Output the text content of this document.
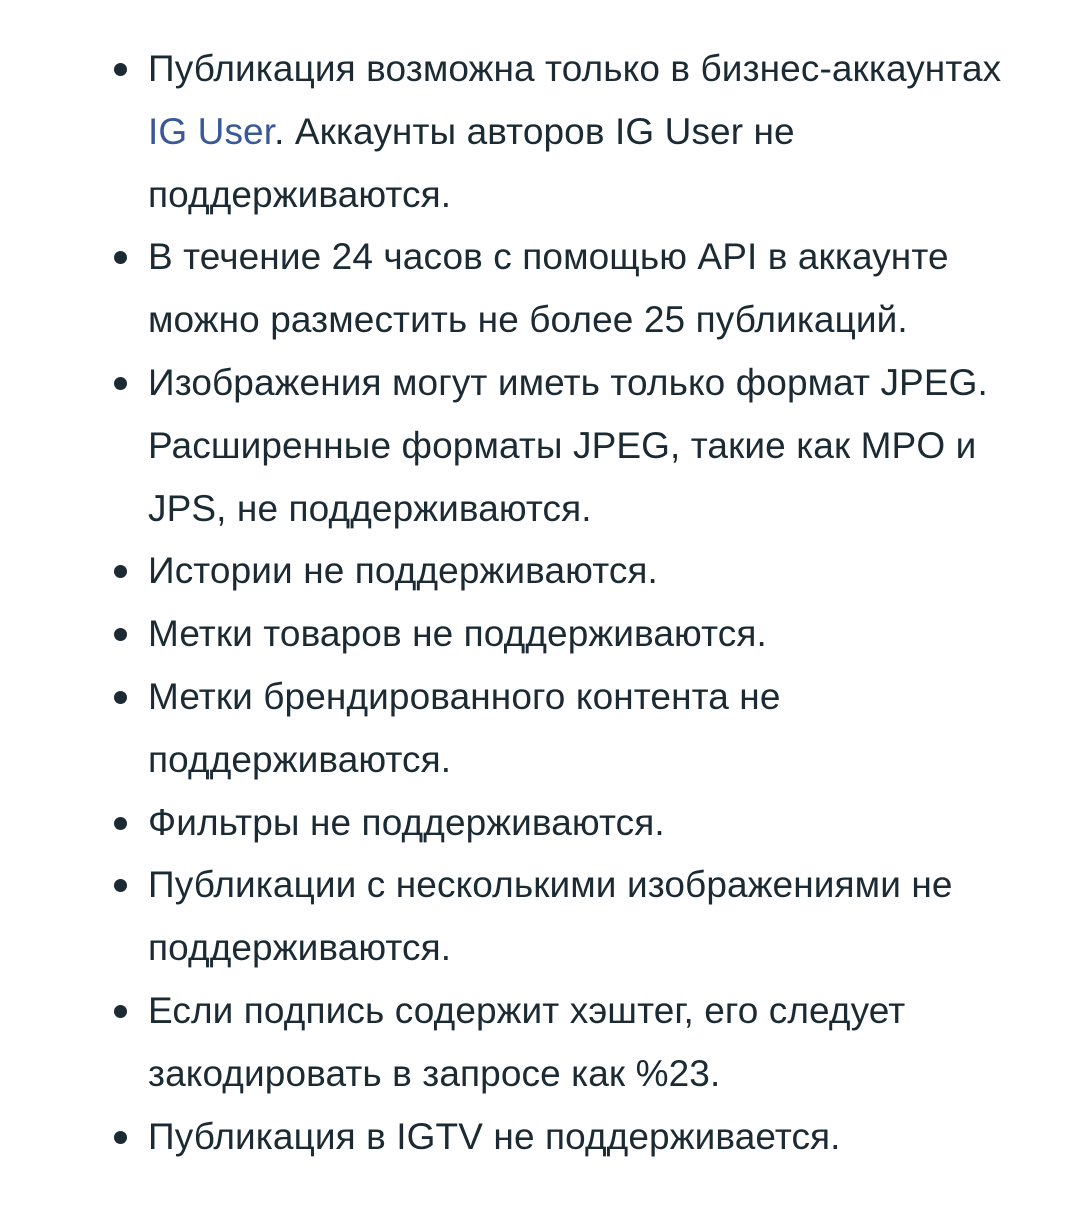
Публикация возможна только в бизнес-аккаунтах IG User. Аккаунты авторов IG User не поддерживаются.
В течение 24 часов с помощью API в аккаунте можно разместить не более 25 публикаций.
Изображения могут иметь только формат JPEG. Расширенные форматы JPEG, такие как MPO и JPS, не поддерживаются.
Истории не поддерживаются.
Метки товаров не поддерживаются.
Метки брендированного контента не поддерживаются.
Фильтры не поддерживаются.
Публикации с несколькими изображениями не поддерживаются.
Если подпись содержит хэштег, его следует закодировать в запросе как %23.
Публикация в IGTV не поддерживается.
